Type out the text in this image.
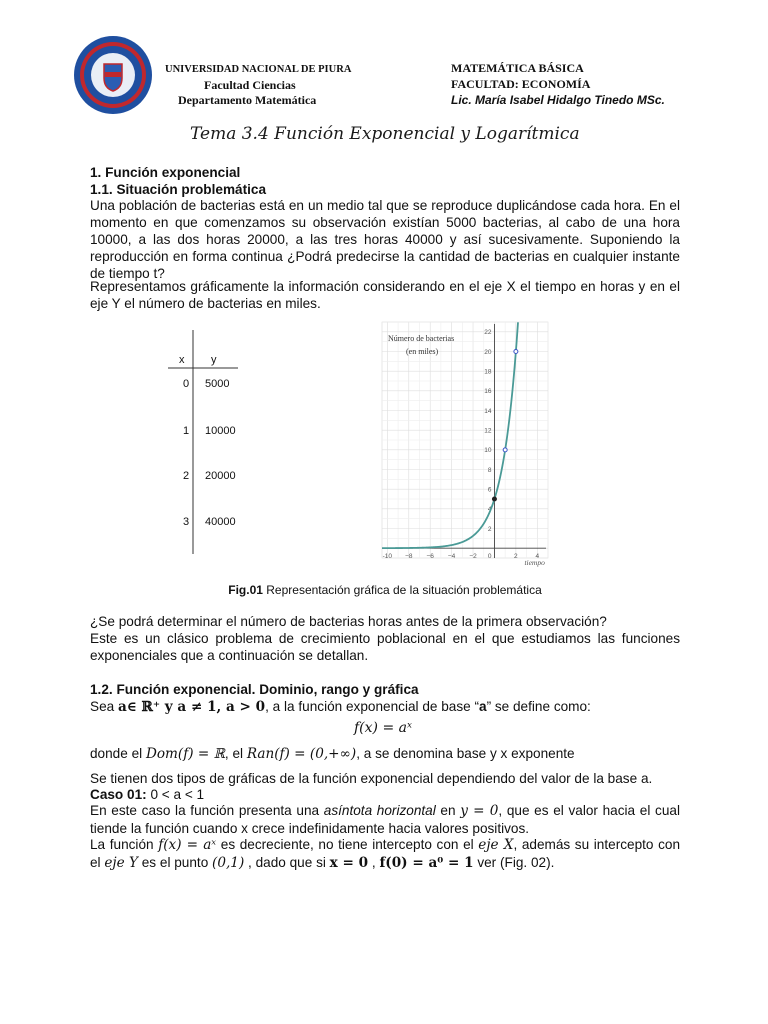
UNIVERSIDAD NACIONAL DE PIURA
Facultad Ciencias
Departamento Matemática
MATEMÁTICA BÁSICA
FACULTAD: ECONOMÍA
Lic. María Isabel Hidalgo Tinedo MSc.
Tema 3.4 Función Exponencial y Logarítmica
1. Función exponencial
1.1. Situación problemática
Una población de bacterias está en un medio tal que se reproduce duplicándose cada hora. En el momento en que comenzamos su observación existían 5000 bacterias, al cabo de una hora 10000, a las dos horas 20000, a las tres horas 40000 y así sucesivamente. Suponiendo la reproducción en forma continua ¿Podrá predecirse la cantidad de bacterias en cualquier instante de tiempo t?
Representamos gráficamente la información considerando en el eje X el tiempo en horas y en el eje Y el número de bacterias en miles.
x y
0 5000
1 10000
2 20000
3 40000
-10 −8 −6 −4 −2	2	4
0
2
4
6
8
10
12
14
16
18
20
22
Número de bacterias
(en miles)
tiempo
Fig.01 Representación gráfica de la situación problemática
¿Se podrá determinar el número de bacterias horas antes de la primera observación?
Este es un clásico problema de crecimiento poblacional en el que estudiamos las funciones exponenciales que a continuación se detallan.
1.2. Función exponencial. Dominio, rango y gráfica
Sea a∈ ℝ⁺ y a ≠ 1, a > 0, a la función exponencial de base “a” se define como:
f(x) = aˣ
donde el Dom(f) = ℝ, el Ran(f) = (0,+∞), a se denomina base y x exponente
Se tienen dos tipos de gráficas de la función exponencial dependiendo del valor de la base a.
Caso 01: 0 < a < 1
En este caso la función presenta una asíntota horizontal en y = 0, que es el valor hacia el cual tiende la función cuando x crece indefinidamente hacia valores positivos.
La función f(x) = aˣ es decreciente, no tiene intercepto con el eje X, además su intercepto con el eje Y es el punto (0,1) , dado que si x = 0 , f(0) = a⁰ = 1 ver (Fig. 02).
